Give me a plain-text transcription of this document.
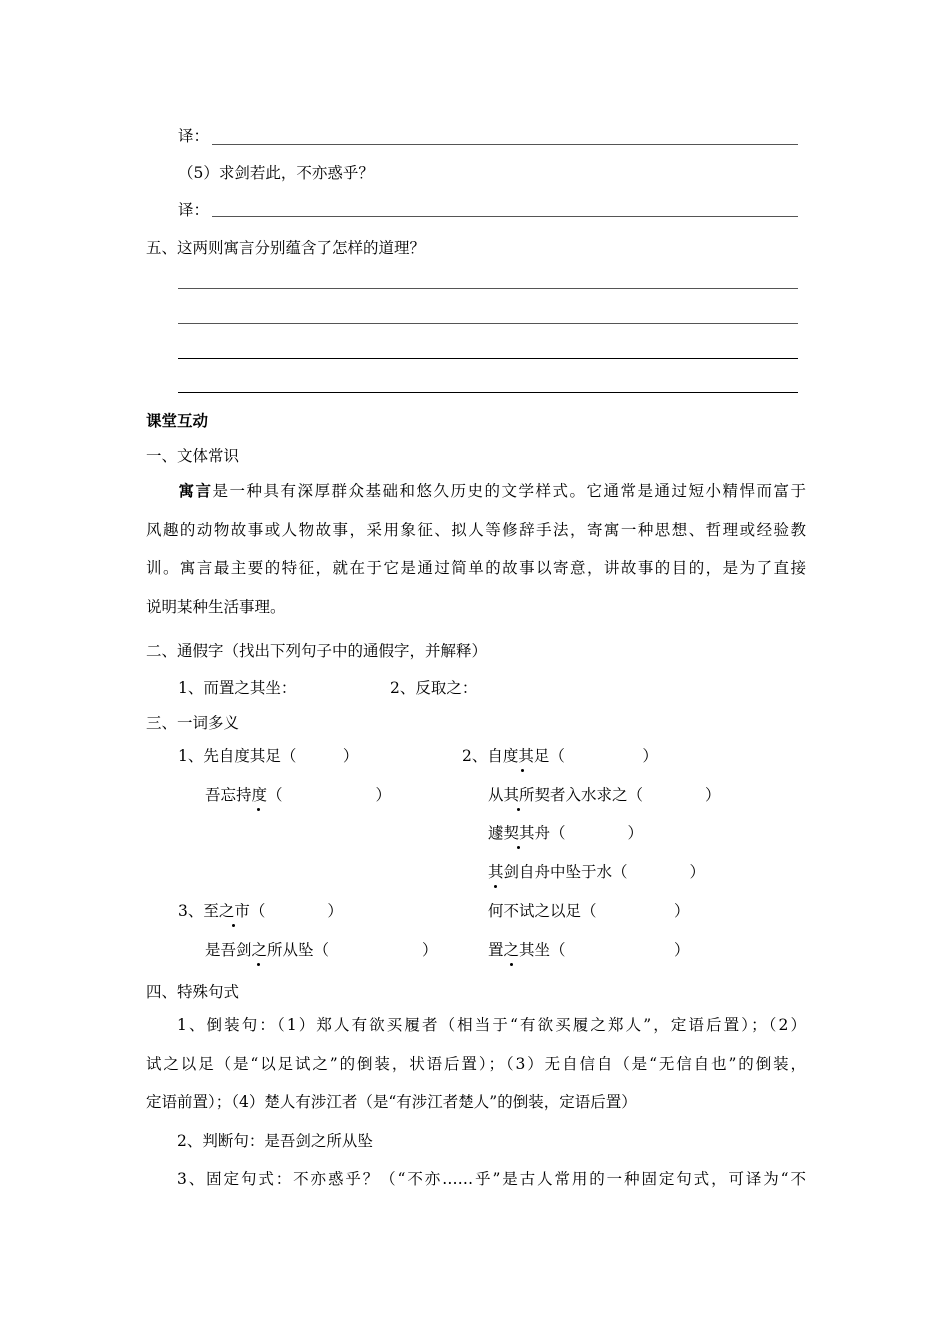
译：
（5）求剑若此，不亦惑乎？
译：
五、这两则寓言分别蕴含了怎样的道理？
课堂互动
一、文体常识
寓言是一种具有深厚群众基础和悠久历史的文学样式。它通常是通过短小精悍而富于
风趣的动物故事或人物故事，采用象征、拟人等修辞手法，寄寓一种思想、哲理或经验教
训。寓言最主要的特征，就在于它是通过简单的故事以寄意，讲故事的目的，是为了直接
说明某种生活事理。
二、通假字（找出下列句子中的通假字，并解释）
1、而置之其坐：	2、反取之：
三、一词多义
1、先自度其足（　　　）	2、自度其足（　　　　　）
吾忘持度（　　　　　　）	从其所契者入水求之（　　　　）
遽契其舟（　　　　）
其剑自舟中坠于水（　　　　）
3、至之市（　　　　）	何不试之以足（　　　　　）
是吾剑之所从坠（　　　　　　）	置之其坐（　　　　　　　）
四、特殊句式
1、倒装句：（1）郑人有欲买履者（相当于“有欲买履之郑人”，定语后置）；（2）
试之以足（是“以足试之”的倒装，状语后置）；（3）无自信自（是“无信自也”的倒装，
定语前置）；（4）楚人有涉江者（是“有涉江者楚人”的倒装，定语后置）
2、判断句：是吾剑之所从坠
3、固定句式：不亦惑乎？（“不亦……乎”是古人常用的一种固定句式，可译为“不
